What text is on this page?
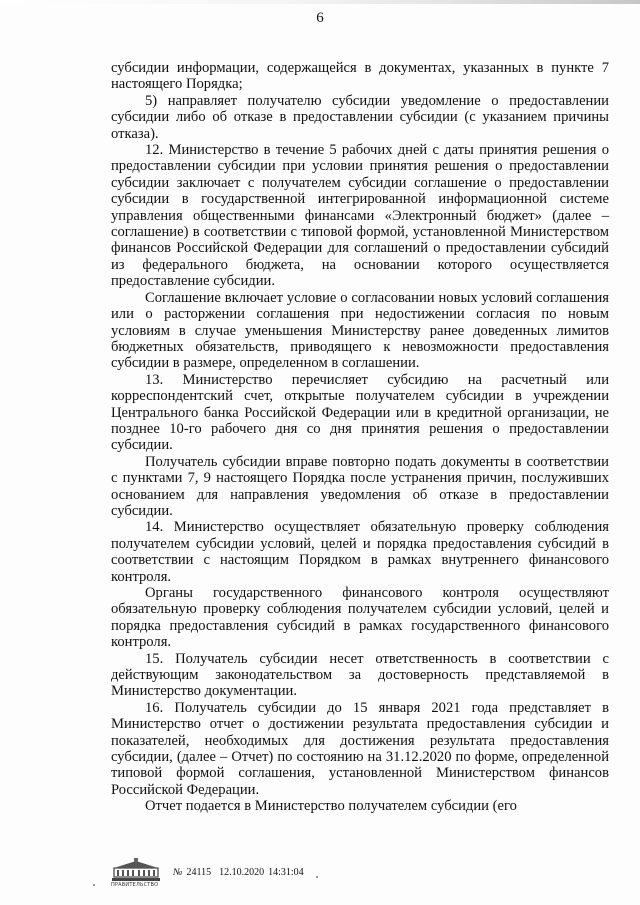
6

субсидии информации, содержащейся в документах, указанных в пункте 7 настоящего Порядка;

5) направляет получателю субсидии уведомление о предоставлении субсидии либо об отказе в предоставлении субсидии (с указанием причины отказа).

12. Министерство в течение 5 рабочих дней с даты принятия решения о предоставлении субсидии при условии принятия решения о предоставлении субсидии заключает с получателем субсидии соглашение о предоставлении субсидии в государственной интегрированной информационной системе управления общественными финансами «Электронный бюджет» (далее – соглашение) в соответствии с типовой формой, установленной Министерством финансов Российской Федерации для соглашений о предоставлении субсидий из федерального бюджета, на основании которого осуществляется предоставление субсидии.

Соглашение включает условие о согласовании новых условий соглашения или о расторжении соглашения при недостижении согласия по новым условиям в случае уменьшения Министерству ранее доведенных лимитов бюджетных обязательств, приводящего к невозможности предоставления субсидии в размере, определенном в соглашении.

13. Министерство перечисляет субсидию на расчетный или корреспондентский счет, открытые получателем субсидии в учреждении Центрального банка Российской Федерации или в кредитной организации, не позднее 10-го рабочего дня со дня принятия решения о предоставлении субсидии.

Получатель субсидии вправе повторно подать документы в соответствии с пунктами 7, 9 настоящего Порядка после устранения причин, послуживших основанием для направления уведомления об отказе в предоставлении субсидии.

14. Министерство осуществляет обязательную проверку соблюдения получателем субсидии условий, целей и порядка предоставления субсидий в соответствии с настоящим Порядком в рамках внутреннего финансового контроля.

Органы государственного финансового контроля осуществляют обязательную проверку соблюдения получателем субсидии условий, целей и порядка предоставления субсидий в рамках государственного финансового контроля.

15. Получатель субсидии несет ответственность в соответствии с действующим законодательством за достоверность представляемой в Министерство документации.

16. Получатель субсидии до 15 января 2021 года представляет в Министерство отчет о достижении результата предоставления субсидии и показателей, необходимых для достижения результата предоставления субсидии, (далее – Отчет) по состоянию на 31.12.2020 по форме, определенной типовой формой соглашения, установленной Министерством финансов Российской Федерации.

Отчет подается в Министерство получателем субсидии (его

ПРАВИТЕЛЬСТВО
№ 24115 12.10.2020 14:31:04
